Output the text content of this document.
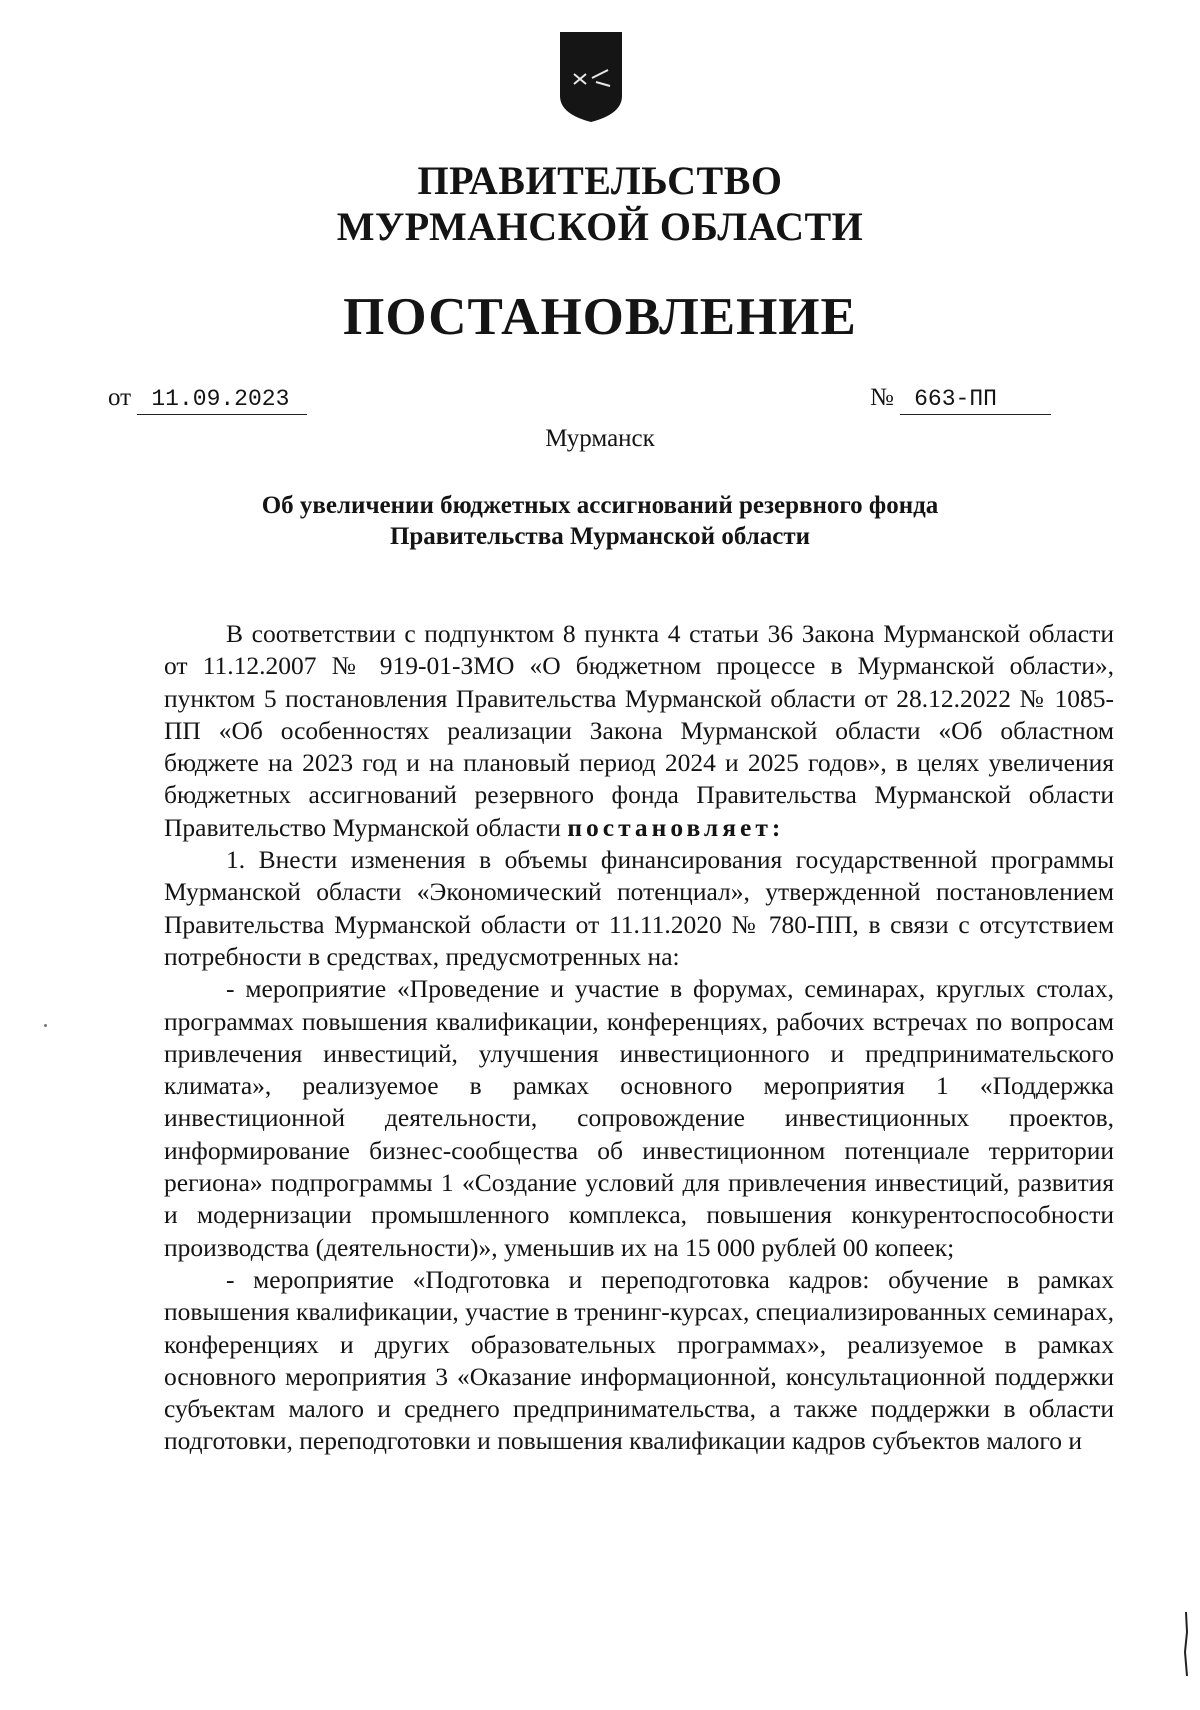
ПРАВИТЕЛЬСТВО
МУРМАНСКОЙ ОБЛАСТИ
ПОСТАНОВЛЕНИЕ
от 11.09.2023	№ 663-ПП
Мурманск
Об увеличении бюджетных ассигнований резервного фонда
Правительства Мурманской области

В соответствии с подпунктом 8 пункта 4 статьи 36 Закона Мурманской области от 11.12.2007 № 919-01-ЗМО «О бюджетном процессе в Мурманской области», пунктом 5 постановления Правительства Мурманской области от 28.12.2022 № 1085-ПП «Об особенностях реализации Закона Мурманской области «Об областном бюджете на 2023 год и на плановый период 2024 и 2025 годов», в целях увеличения бюджетных ассигнований резервного фонда Правительства Мурманской области Правительство Мурманской области постановляет:

1. Внести изменения в объемы финансирования государственной программы Мурманской области «Экономический потенциал», утвержденной постановлением Правительства Мурманской области от 11.11.2020 № 780-ПП, в связи с отсутствием потребности в средствах, предусмотренных на:

- мероприятие «Проведение и участие в форумах, семинарах, круглых столах, программах повышения квалификации, конференциях, рабочих встречах по вопросам привлечения инвестиций, улучшения инвестиционного и предпринимательского климата», реализуемое в рамках основного мероприятия 1 «Поддержка инвестиционной деятельности, сопровождение инвестиционных проектов, информирование бизнес-сообщества об инвестиционном потенциале территории региона» подпрограммы 1 «Создание условий для привлечения инвестиций, развития и модернизации промышленного комплекса, повышения конкурентоспособности производства (деятельности)», уменьшив их на 15 000 рублей 00 копеек;

- мероприятие «Подготовка и переподготовка кадров: обучение в рамках повышения квалификации, участие в тренинг-курсах, специализированных семинарах, конференциях и других образовательных программах», реализуемое в рамках основного мероприятия 3 «Оказание информационной, консультационной поддержки субъектам малого и среднего предпринимательства, а также поддержки в области подготовки, переподготовки и повышения квалификации кадров субъектов малого и
